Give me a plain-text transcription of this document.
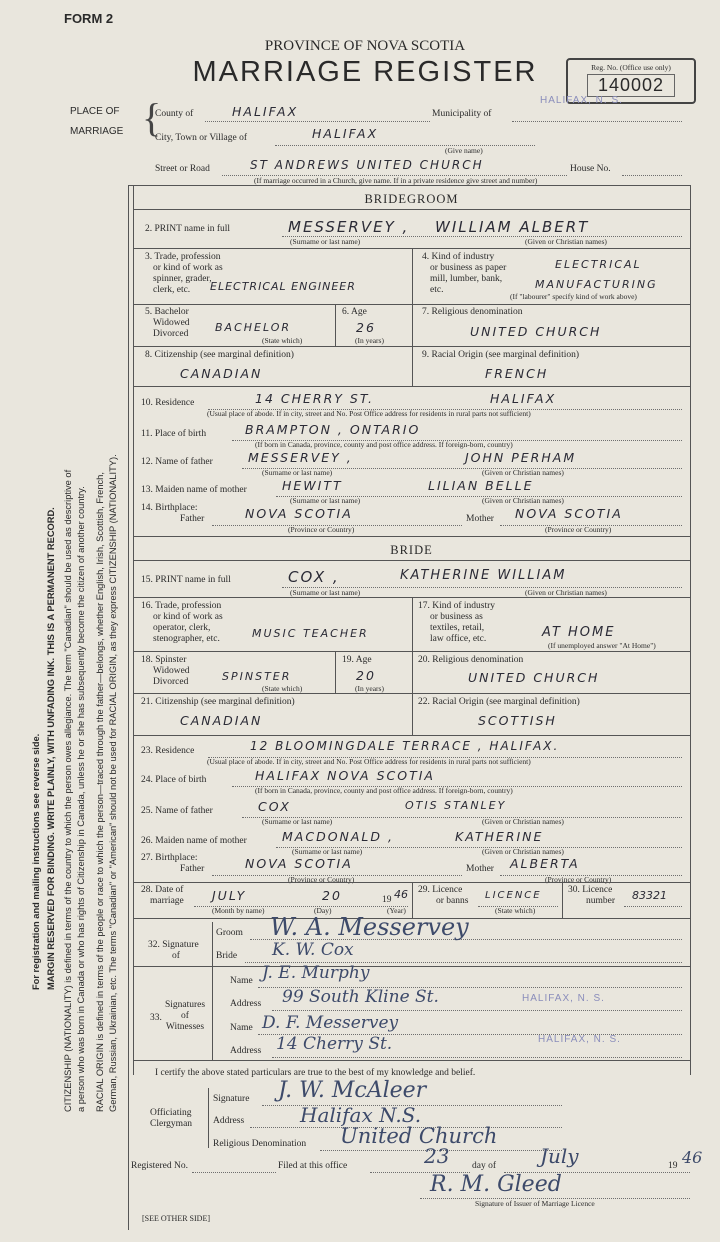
FORM 2
PROVINCE OF NOVA SCOTIA
MARRIAGE REGISTER	Reg. No. (Office use only)
140002
For registration and mailing instructions see reverse side. MARGIN RESERVED FOR BINDING. WRITE PLAINLY, WITH UNFADING INK. THIS IS A PERMANENT RECORD. CITIZENSHIP (NATIONALITY) is defined in terms of the country to which the person owes allegiance. The term "Canadian" should be used as descriptive of a person who was born in Canada or who has rights of Citizenship in Canada, unless he or she has subsequently become the citizen of another country. RACIAL ORIGIN is defined in terms of the people or race to which the person—traced through the father—belongs, whether English, Irish, Scottish, French, German, Russian, Ukrainian, etc. The terms "Canadian" or "American" should not be used for RACIAL ORIGIN, as they express CITIZENSHIP (NATIONALITY).
PLACE OF
MARRIAGE {
County of	HALIFAX	Municipality of
HALIFAX, N. S.
City, Town or Village of	HALIFAX
(Give name)
Street or Road	ST ANDREWS UNITED CHURCH	House No.
(If marriage occurred in a Church, give name. If in a private residence give street and number)
BRIDEGROOM
2. PRINT name in full	MESSERVEY , WILLIAM ALBERT
(Surname or last name)	(Given or Christian names)
3. Trade, profession
or kind of work as
spinner, grader,
clerk, etc. ELECTRICAL ENGINEER
4. Kind of industry
or business as paper
mill, lumber, bank,
etc.
ELECTRICAL
MANUFACTURING
(If "labourer" specify kind of work above)
5. Bachelor
Widowed
Divorced BACHELOR
(State which)
6. Age
26
(In years)
7. Religious denomination
UNITED CHURCH
8. Citizenship (see marginal definition)
CANADIAN
9. Racial Origin (see marginal definition)
FRENCH
10. Residence	14 CHERRY ST.	HALIFAX
(Usual place of abode. If in city, street and No. Post Office address for residents in rural parts not sufficient)
11. Place of birth	BRAMPTON , ONTARIO
(If born in Canada, province, county and post office address. If foreign-born, country)
12. Name of father	MESSERVEY ,	JOHN PERHAM
(Surname or last name)	(Given or Christian names)
13. Maiden name of mother	HEWITT	LILIAN BELLE
(Surname or last name)	(Given or Christian names)
14. Birthplace:
Father	NOVA SCOTIA	Mother NOVA SCOTIA
(Province or Country)	(Province or Country)
BRIDE
15. PRINT name in full	COX ,	KATHERINE WILLIAM
(Surname or last name)	(Given or Christian names)
16. Trade, profession
or kind of work as
operator, clerk,
stenographer, etc.	MUSIC TEACHER
17. Kind of industry
or business as
textiles, retail,
law office, etc.	AT HOME
(If unemployed answer "At Home")
18. Spinster
Widowed
Divorced	SPINSTER
(State which)
19. Age
20
(In years)
20. Religious denomination
UNITED CHURCH
21. Citizenship (see marginal definition)
CANADIAN
22. Racial Origin (see marginal definition)
SCOTTISH
23. Residence	12 BLOOMINGDALE TERRACE , HALIFAX.
(Usual place of abode. If in city, street and No. Post Office address for residents in rural parts not sufficient)
24. Place of birth	HALIFAX NOVA SCOTIA
(If born in Canada, province, county and post office address. If foreign-born, country)
25. Name of father	COX	OTIS STANLEY
(Surname or last name)	(Given or Christian names)
26. Maiden name of mother	MACDONALD ,	KATHERINE
(Surname or last name)	(Given or Christian names)
27. Birthplace:
Father	NOVA SCOTIA	Mother ALBERTA
(Province or Country)	(Province or Country)
28. Date of
marriage JULY	20	19 46
(Month by name)	(Day)	(Year)
29. Licence
or banns LICENCE
(State which)
30. Licence
number 83321
32. Signature
of
Groom W. A. Messervey
Bride K. W. Cox
33.
Signatures
of
Witnesses
Name J. E. Murphy
Address 99 South Kline St.	HALIFAX, N. S.
Name D. F. Messervey
Address 14 Cherry St.	HALIFAX, N. S.
I certify the above stated particulars are true to the best of my knowledge and belief.
Officiating
Clergyman
Signature J. W. McAleer
Address	Halifax N.S.
Religious Denomination United Church
Registered No.	Filed at this office	23 day of July	19 46
R. M. Gleed
Signature of Issuer of Marriage Licence
[SEE OTHER SIDE]
